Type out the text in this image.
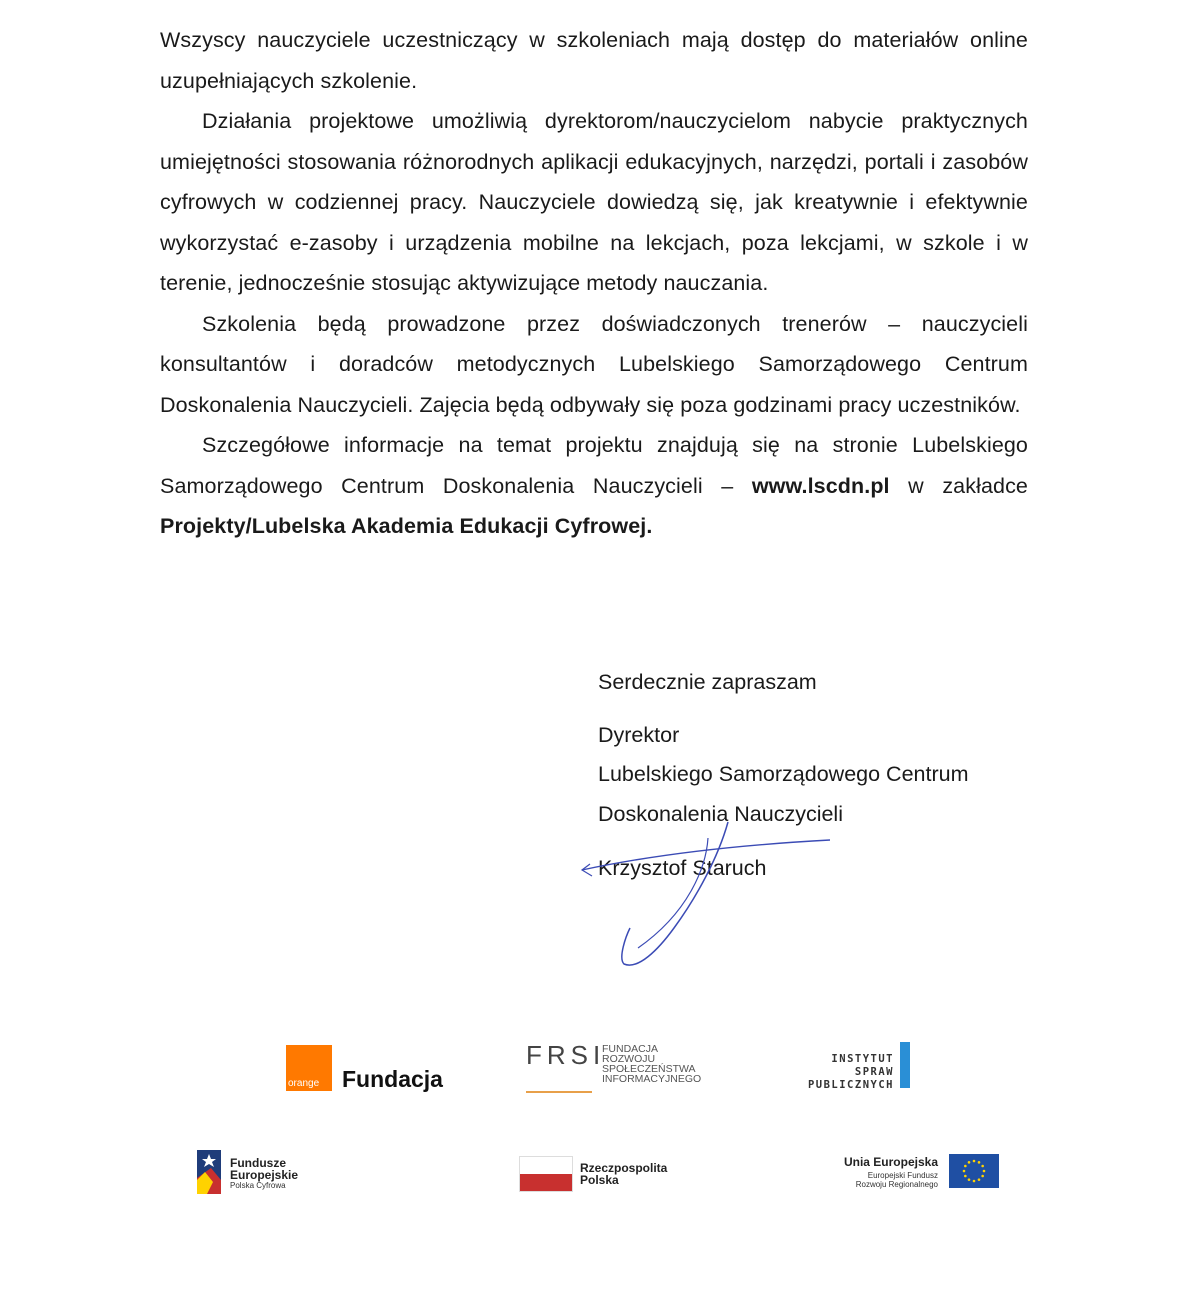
Wszyscy nauczyciele uczestniczący w szkoleniach mają dostęp do materiałów online uzupełniających szkolenie.

Działania projektowe umożliwią dyrektorom/nauczycielom nabycie praktycznych umiejętności stosowania różnorodnych aplikacji edukacyjnych, narzędzi, portali i zasobów cyfrowych w codziennej pracy. Nauczyciele dowiedzą się, jak kreatywnie i efektywnie wykorzystać e-zasoby i urządzenia mobilne na lekcjach, poza lekcjami, w szkole i w terenie, jednocześnie stosując aktywizujące metody nauczania.

Szkolenia będą prowadzone przez doświadczonych trenerów – nauczycieli konsultantów i doradców metodycznych Lubelskiego Samorządowego Centrum Doskonalenia Nauczycieli. Zajęcia będą odbywały się poza godzinami pracy uczestników.

Szczegółowe informacje na temat projektu znajdują się na stronie Lubelskiego Samorządowego Centrum Doskonalenia Nauczycieli – www.lscdn.pl w zakładce Projekty/Lubelska Akademia Edukacji Cyfrowej.

Serdecznie zapraszam
Dyrektor
Lubelskiego Samorządowego Centrum
Doskonalenia Nauczycieli
Krzysztof Staruch
orange Fundacja
FRSI
FUNDACJA
ROZWOJU
SPOŁECZEŃSTWA
INFORMACYJNEGO
INSTYTUT SPRAW
PUBLICZNYCH
Fundusze
Europejskie
Polska Cyfrowa
Rzeczpospolita
Polska
Unia Europejska
Europejski Fundusz
Rozwoju Regionalnego
